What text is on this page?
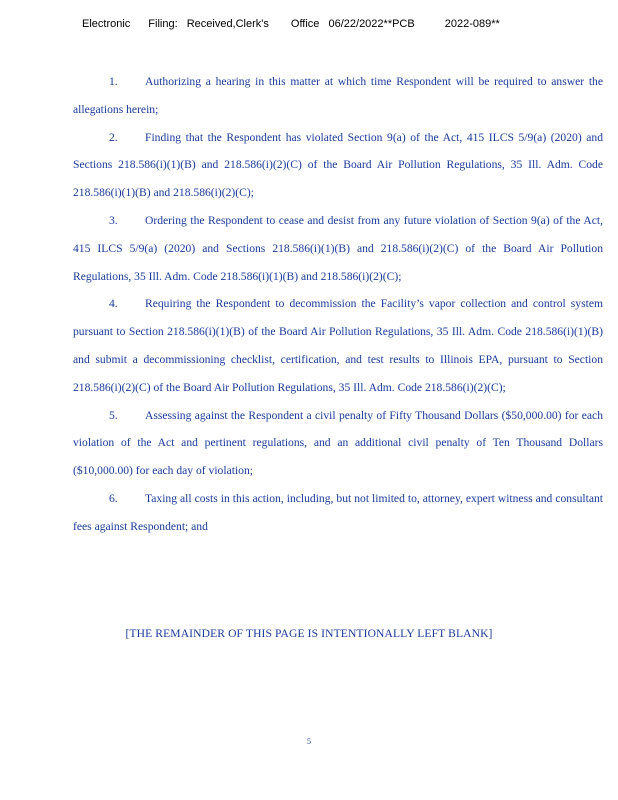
Electronic Filing: Received,Clerk's Office 06/22/2022**PCB	2022-089**

1. Authorizing a hearing in this matter at which time Respondent will be required to answer the allegations herein;

2. Finding that the Respondent has violated Section 9(a) of the Act, 415 ILCS 5/9(a) (2020) and Sections 218.586(i)(1)(B) and 218.586(i)(2)(C) of the Board Air Pollution Regulations, 35 Ill. Adm. Code 218.586(i)(1)(B) and 218.586(i)(2)(C);

3. Ordering the Respondent to cease and desist from any future violation of Section 9(a) of the Act, 415 ILCS 5/9(a) (2020) and Sections 218.586(i)(1)(B) and 218.586(i)(2)(C) of the Board Air Pollution Regulations, 35 Ill. Adm. Code 218.586(i)(1)(B) and 218.586(i)(2)(C);

4. Requiring the Respondent to decommission the Facility’s vapor collection and control system pursuant to Section 218.586(i)(1)(B) of the Board Air Pollution Regulations, 35 Ill. Adm. Code 218.586(i)(1)(B) and submit a decommissioning checklist, certification, and test results to Illinois EPA, pursuant to Section 218.586(i)(2)(C) of the Board Air Pollution Regulations, 35 Ill. Adm. Code 218.586(i)(2)(C);

5. Assessing against the Respondent a civil penalty of Fifty Thousand Dollars ($50,000.00) for each violation of the Act and pertinent regulations, and an additional civil penalty of Ten Thousand Dollars ($10,000.00) for each day of violation;

6. Taxing all costs in this action, including, but not limited to, attorney, expert witness and consultant fees against Respondent; and

[THE REMAINDER OF THIS PAGE IS INTENTIONALLY LEFT BLANK]
5
